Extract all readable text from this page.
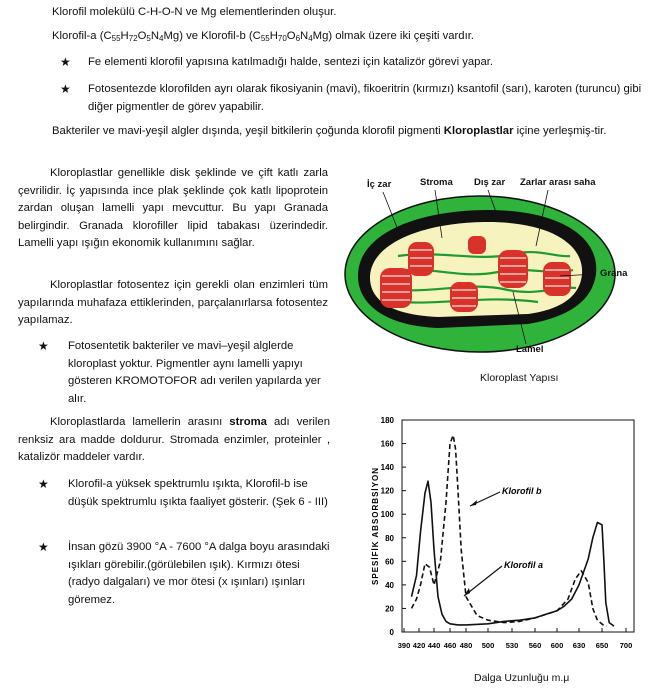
Klorofil molekülü C-H-O-N ve Mg elementlerinden oluşur.
Klorofil-a $(C_{55}H_{72}O_5N_4Mg)$ ve Klorofil-b $(C_{55}H_{70}O_6N_4Mg)$ olmak üzere iki çeşiti vardır.
★ Fe elementi klorofil yapısına katılmadığı halde, sentezi için katalizör görevi yapar.
★ Fotosentezde klorofilden ayrı olarak fikosiyanin (mavi), fikoeritrin (kırmızı) ksantofil (sarı), karoten (turuncu) gibi diğer pigmentler de görev yapabilir.
Bakteriler ve mavi-yeşil algler dışında, yeşil bitkilerin çoğunda klorofil pigmenti Kloroplastlar içine yerleşmiş-tir.
Kloroplastlar genellikle disk şeklinde ve çift katlı zarla çevrilidir. İç yapısında ince plak şeklinde çok katlı lipoprotein zardan oluşan lamelli yapı mevcuttur. Bu yapı Granada belirgindir. Granada klorofiller lipid tabakası üzerindedir. Lamelli yapı ışığın ekonomik kullanımını sağlar.
Kloroplastlar fotosentez için gerekli olan enzimleri tüm yapılarında muhafaza ettiklerinden, parçalanırlarsa fotosentez yapılamaz.
★ Fotosentetik bakteriler ve mavi–yeşil alglerde kloroplast yoktur. Pigmentler aynı lamelli yapıyı gösteren KROMOTOFOR adı verilen yapılarda yer alır.
Kloroplastlarda lamellerin arasını stroma adı verilen renksiz ara madde doldurur. Stromada enzimler, proteinler , katalizör maddeler vardır.
★ Klorofil-a yüksek spektrumlu ışıkta, Klorofil-b ise düşük spektrumlu ışıkta faaliyet gösterir. (Şek 6 - III)
★ İnsan gözü 3900 °A - 7600 °A dalga boyu arasındaki ışıkları görebilir.(görülebilen ışık). Kırmızı ötesi (radyo dalgaları) ve mor ötesi (x ışınları) ışınları göremez.
İç zar	Stroma Dış zar Zarlar arası saha
Grana
Lamel
Kloroplast Yapısı
0
20
40
60
80
100
120
140
160
180
390 420 440 460 480 500 530 560 600 630 650 700
SPESİFİK ABSORBSİYON	Klorofil b
Klorofil a
Dalga Uzunluğu m.μ
